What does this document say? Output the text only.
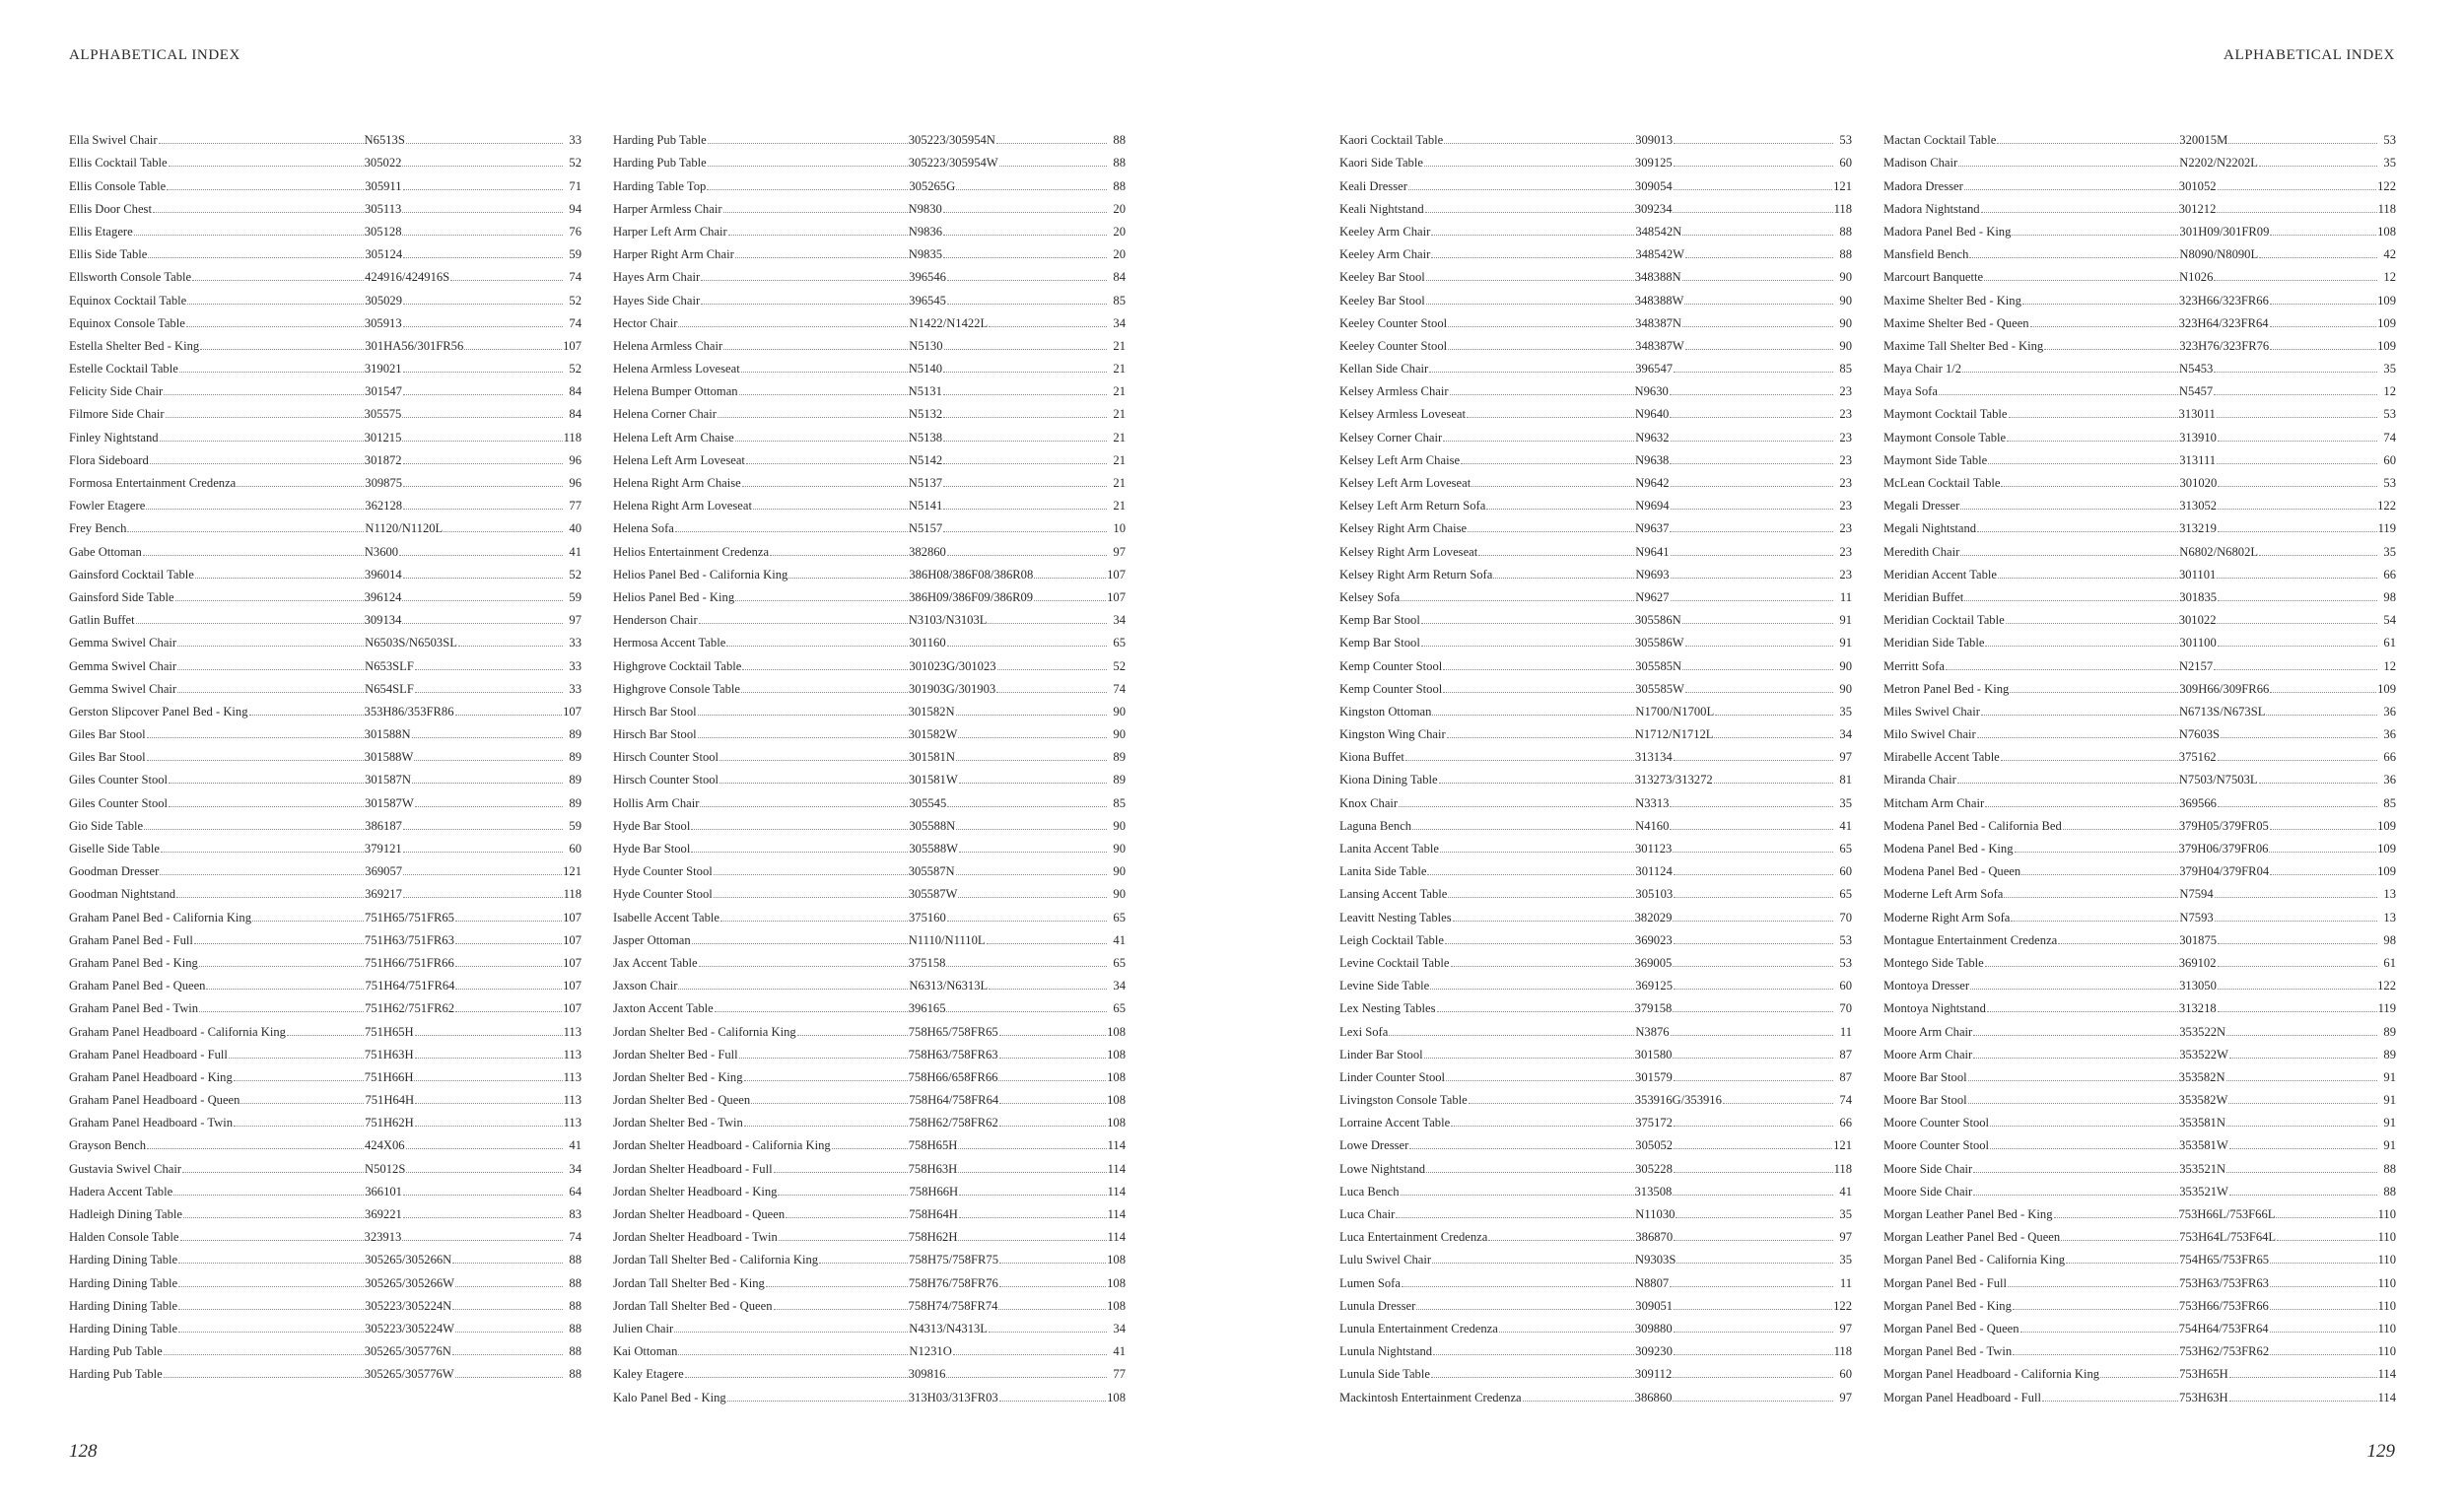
ALPHABETICAL INDEX	ALPHABETICAL INDEX
Ella Swivel Chair	N6513S	33
Ellis Cocktail Table	305022	52
Ellis Console Table	305911	71
Ellis Door Chest	305113	94
Ellis Etagere	305128	76
Ellis Side Table	305124	59
Ellsworth Console Table	424916/424916S	74
Equinox Cocktail Table	305029	52
Equinox Console Table	305913	74
Estella Shelter Bed - King	301HA56/301FR56	107
Estelle Cocktail Table	319021	52
Felicity Side Chair	301547	84
Filmore Side Chair	305575	84
Finley Nightstand	301215	118
Flora Sideboard	301872	96
Formosa Entertainment Credenza	309875	96
Fowler Etagere	362128	77
Frey Bench	N1120/N1120L	40
Gabe Ottoman	N3600	41
Gainsford Cocktail Table	396014	52
Gainsford Side Table	396124	59
Gatlin Buffet	309134	97
Gemma Swivel Chair	N6503S/N6503SL	33
Gemma Swivel Chair	N653SLF	33
Gemma Swivel Chair	N654SLF	33
Gerston Slipcover Panel Bed - King	353H86/353FR86	107
Giles Bar Stool	301588N	89
Giles Bar Stool	301588W	89
Giles Counter Stool	301587N	89
Giles Counter Stool	301587W	89
Gio Side Table	386187	59
Giselle Side Table	379121	60
Goodman Dresser	369057	121
Goodman Nightstand	369217	118
Graham Panel Bed - California King	751H65/751FR65	107
Graham Panel Bed - Full	751H63/751FR63	107
Graham Panel Bed - King	751H66/751FR66	107
Graham Panel Bed - Queen	751H64/751FR64	107
Graham Panel Bed - Twin	751H62/751FR62	107
Graham Panel Headboard - California King	751H65H	113
Graham Panel Headboard - Full	751H63H	113
Graham Panel Headboard - King	751H66H	113
Graham Panel Headboard - Queen	751H64H	113
Graham Panel Headboard - Twin	751H62H	113
Grayson Bench	424X06	41
Gustavia Swivel Chair	N5012S	34
Hadera Accent Table	366101	64
Hadleigh Dining Table	369221	83
Halden Console Table	323913	74
Harding Dining Table	305265/305266N	88
Harding Dining Table	305265/305266W	88
Harding Dining Table	305223/305224N	88
Harding Dining Table	305223/305224W	88
Harding Pub Table	305265/305776N	88
Harding Pub Table	305265/305776W	88
Harding Pub Table	305223/305954N	88
Harding Pub Table	305223/305954W	88
Harding Table Top	305265G	88
Harper Armless Chair	N9830	20
Harper Left Arm Chair	N9836	20
Harper Right Arm Chair	N9835	20
Hayes Arm Chair	396546	84
Hayes Side Chair	396545	85
Hector Chair	N1422/N1422L	34
Helena Armless Chair	N5130	21
Helena Armless Loveseat	N5140	21
Helena Bumper Ottoman	N5131	21
Helena Corner Chair	N5132	21
Helena Left Arm Chaise	N5138	21
Helena Left Arm Loveseat	N5142	21
Helena Right Arm Chaise	N5137	21
Helena Right Arm Loveseat	N5141	21
Helena Sofa	N5157	10
Helios Entertainment Credenza	382860	97
Helios Panel Bed - California King	386H08/386F08/386R08	107
Helios Panel Bed - King	386H09/386F09/386R09	107
Henderson Chair	N3103/N3103L	34
Hermosa Accent Table	301160	65
Highgrove Cocktail Table	301023G/301023	52
Highgrove Console Table	301903G/301903	74
Hirsch Bar Stool	301582N	90
Hirsch Bar Stool	301582W	90
Hirsch Counter Stool	301581N	89
Hirsch Counter Stool	301581W	89
Hollis Arm Chair	305545	85
Hyde Bar Stool	305588N	90
Hyde Bar Stool	305588W	90
Hyde Counter Stool	305587N	90
Hyde Counter Stool	305587W	90
Isabelle Accent Table	375160	65
Jasper Ottoman	N1110/N1110L	41
Jax Accent Table	375158	65
Jaxson Chair	N6313/N6313L	34
Jaxton Accent Table	396165	65
Jordan Shelter Bed - California King	758H65/758FR65	108
Jordan Shelter Bed - Full	758H63/758FR63	108
Jordan Shelter Bed - King	758H66/658FR66	108
Jordan Shelter Bed - Queen	758H64/758FR64	108
Jordan Shelter Bed - Twin	758H62/758FR62	108
Jordan Shelter Headboard - California King	758H65H	114
Jordan Shelter Headboard - Full	758H63H	114
Jordan Shelter Headboard - King	758H66H	114
Jordan Shelter Headboard - Queen	758H64H	114
Jordan Shelter Headboard - Twin	758H62H	114
Jordan Tall Shelter Bed - California King	758H75/758FR75	108
Jordan Tall Shelter Bed - King	758H76/758FR76	108
Jordan Tall Shelter Bed - Queen	758H74/758FR74	108
Julien Chair	N4313/N4313L	34
Kai Ottoman	N1231O	41
Kaley Etagere	309816	77
Kalo Panel Bed - King	313H03/313FR03	108
Kaori Cocktail Table	309013	53
Kaori Side Table	309125	60
Keali Dresser	309054	121
Keali Nightstand	309234	118
Keeley Arm Chair	348542N	88
Keeley Arm Chair	348542W	88
Keeley Bar Stool	348388N	90
Keeley Bar Stool	348388W	90
Keeley Counter Stool	348387N	90
Keeley Counter Stool	348387W	90
Kellan Side Chair	396547	85
Kelsey Armless Chair	N9630	23
Kelsey Armless Loveseat	N9640	23
Kelsey Corner Chair	N9632	23
Kelsey Left Arm Chaise	N9638	23
Kelsey Left Arm Loveseat	N9642	23
Kelsey Left Arm Return Sofa	N9694	23
Kelsey Right Arm Chaise	N9637	23
Kelsey Right Arm Loveseat	N9641	23
Kelsey Right Arm Return Sofa	N9693	23
Kelsey Sofa	N9627	11
Kemp Bar Stool	305586N	91
Kemp Bar Stool	305586W	91
Kemp Counter Stool	305585N	90
Kemp Counter Stool	305585W	90
Kingston Ottoman	N1700/N1700L	35
Kingston Wing Chair	N1712/N1712L	34
Kiona Buffet	313134	97
Kiona Dining Table	313273/313272	81
Knox Chair	N3313	35
Laguna Bench	N4160	41
Lanita Accent Table	301123	65
Lanita Side Table	301124	60
Lansing Accent Table	305103	65
Leavitt Nesting Tables	382029	70
Leigh Cocktail Table	369023	53
Levine Cocktail Table	369005	53
Levine Side Table	369125	60
Lex Nesting Tables	379158	70
Lexi Sofa	N3876	11
Linder Bar Stool	301580	87
Linder Counter Stool	301579	87
Livingston Console Table	353916G/353916	74
Lorraine Accent Table	375172	66
Lowe Dresser	305052	121
Lowe Nightstand	305228	118
Luca Bench	313508	41
Luca Chair	N11030	35
Luca Entertainment Credenza	386870	97
Lulu Swivel Chair	N9303S	35
Lumen Sofa	N8807	11
Lunula Dresser	309051	122
Lunula Entertainment Credenza	309880	97
Lunula Nightstand	309230	118
Lunula Side Table	309112	60
Mackintosh Entertainment Credenza	386860	97
Mactan Cocktail Table	320015M	53
Madison Chair	N2202/N2202L	35
Madora Dresser	301052	122
Madora Nightstand	301212	118
Madora Panel Bed - King	301H09/301FR09	108
Mansfield Bench	N8090/N8090L	42
Marcourt Banquette	N1026	12
Maxime Shelter Bed - King	323H66/323FR66	109
Maxime Shelter Bed - Queen	323H64/323FR64	109
Maxime Tall Shelter Bed - King	323H76/323FR76	109
Maya Chair 1/2	N5453	35
Maya Sofa	N5457	12
Maymont Cocktail Table	313011	53
Maymont Console Table	313910	74
Maymont Side Table	313111	60
McLean Cocktail Table	301020	53
Megali Dresser	313052	122
Megali Nightstand	313219	119
Meredith Chair	N6802/N6802L	35
Meridian Accent Table	301101	66
Meridian Buffet	301835	98
Meridian Cocktail Table	301022	54
Meridian Side Table	301100	61
Merritt Sofa	N2157	12
Metron Panel Bed - King	309H66/309FR66	109
Miles Swivel Chair	N6713S/N673SL	36
Milo Swivel Chair	N7603S	36
Mirabelle Accent Table	375162	66
Miranda Chair	N7503/N7503L	36
Mitcham Arm Chair	369566	85
Modena Panel Bed - California Bed	379H05/379FR05	109
Modena Panel Bed - King	379H06/379FR06	109
Modena Panel Bed - Queen	379H04/379FR04	109
Moderne Left Arm Sofa	N7594	13
Moderne Right Arm Sofa	N7593	13
Montague Entertainment Credenza	301875	98
Montego Side Table	369102	61
Montoya Dresser	313050	122
Montoya Nightstand	313218	119
Moore Arm Chair	353522N	89
Moore Arm Chair	353522W	89
Moore Bar Stool	353582N	91
Moore Bar Stool	353582W	91
Moore Counter Stool	353581N	91
Moore Counter Stool	353581W	91
Moore Side Chair	353521N	88
Moore Side Chair	353521W	88
Morgan Leather Panel Bed - King	753H66L/753F66L	110
Morgan Leather Panel Bed - Queen	753H64L/753F64L	110
Morgan Panel Bed - California King	754H65/753FR65	110
Morgan Panel Bed - Full	753H63/753FR63	110
Morgan Panel Bed - King	753H66/753FR66	110
Morgan Panel Bed - Queen	754H64/753FR64	110
Morgan Panel Bed - Twin	753H62/753FR62	110
Morgan Panel Headboard - California King	753H65H	114
Morgan Panel Headboard - Full	753H63H	114
128	129
